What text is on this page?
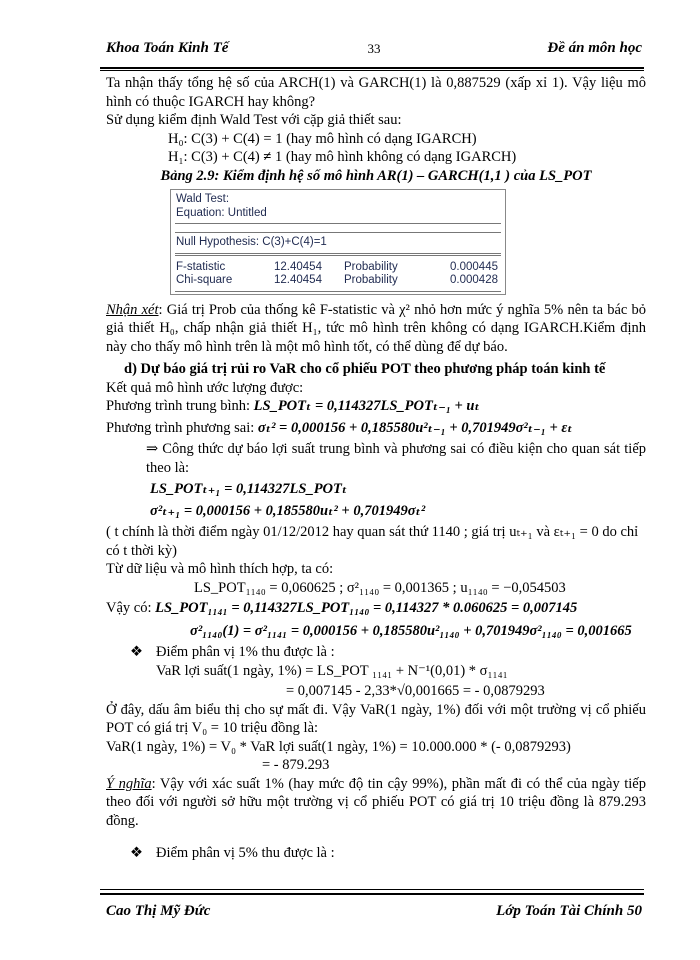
Khoa Toán Kinh Tế	33	Đề án môn học

Ta nhận thấy tổng hệ số của ARCH(1) và GARCH(1) là 0,887529 (xấp xỉ 1). Vậy liệu mô hình có thuộc IGARCH hay không?

Sử dụng kiểm định Wald Test với cặp giả thiết sau:

H₀: C(3) + C(4) = 1 (hay mô hình có dạng IGARCH)

H₁: C(3) + C(4) ≠ 1 (hay mô hình không có dạng IGARCH)

Bảng 2.9: Kiểm định hệ số mô hình AR(1) – GARCH(1,1 ) của LS_POT

Wald Test:
Equation: Untitled
Null Hypothesis: C(3)+C(4)=1
F-statistic	12.40454	Probability	0.000445
Chi-square	12.40454	Probability	0.000428

Nhận xét: Giá trị Prob của thống kê F-statistic và χ² nhỏ hơn mức ý nghĩa 5% nên ta bác bỏ giả thiết H₀, chấp nhận giả thiết H₁, tức mô hình trên không có dạng IGARCH.Kiểm định này cho thấy mô hình trên là một mô hình tốt, có thể dùng để dự báo.

d) Dự báo giá trị rủi ro VaR cho cổ phiếu POT theo phương pháp toán kinh tế

Kết quả mô hình ước lượng được:

Phương trình trung bình: LS_POTₜ = 0,114327LS_POTₜ₋₁ + uₜ

Phương trình phương sai: σₜ² = 0,000156 + 0,185580u²ₜ₋₁ + 0,701949σ²ₜ₋₁ + εₜ

⇒ Công thức dự báo lợi suất trung bình và phương sai có điều kiện cho quan sát tiếp theo là:

LS_POTₜ₊₁ = 0,114327LS_POTₜ

σ²ₜ₊₁ = 0,000156 + 0,185580uₜ² + 0,701949σₜ²

( t chính là thời điểm ngày 01/12/2012 hay quan sát thứ 1140 ; giá trị uₜ₊₁ và εₜ₊₁ = 0 do chỉ có t thời kỳ)

Từ dữ liệu và mô hình thích hợp, ta có:

LS_POT₁₁₄₀ = 0,060625 ; σ²₁₁₄₀ = 0,001365 ; u₁₁₄₀ = −0,054503

Vậy có: LS_POT₁₁₄₁ = 0,114327LS_POT₁₁₄₀ = 0,114327 * 0.060625 = 0,007145

σ²₁₁₄₀(1) = σ²₁₁₄₁ = 0,000156 + 0,185580u²₁₁₄₀ + 0,701949σ²₁₁₄₀ = 0,001665

❖ Điểm phân vị 1% thu được là :

VaR lợi suất(1 ngày, 1%) = LS_POT ₁₁₄₁ + N⁻¹(0,01) * σ₁₁₄₁

= 0,007145 - 2,33*√0,001665 = - 0,0879293

Ở đây, dấu âm biểu thị cho sự mất đi. Vậy VaR(1 ngày, 1%) đối với một trường vị cổ phiếu POT có giá trị V₀ = 10 triệu đồng là:

VaR(1 ngày, 1%) = V₀ * VaR lợi suất(1 ngày, 1%) = 10.000.000 * (- 0,0879293)

= - 879.293

Ý nghĩa: Vậy với xác suất 1% (hay mức độ tin cậy 99%), phần mất đi có thể của ngày tiếp theo đối với người sở hữu một trường vị cổ phiếu POT có giá trị 10 triệu đồng là 879.293 đồng.

❖ Điểm phân vị 5% thu được là :

Cao Thị Mỹ Đức	Lớp Toán Tài Chính 50
